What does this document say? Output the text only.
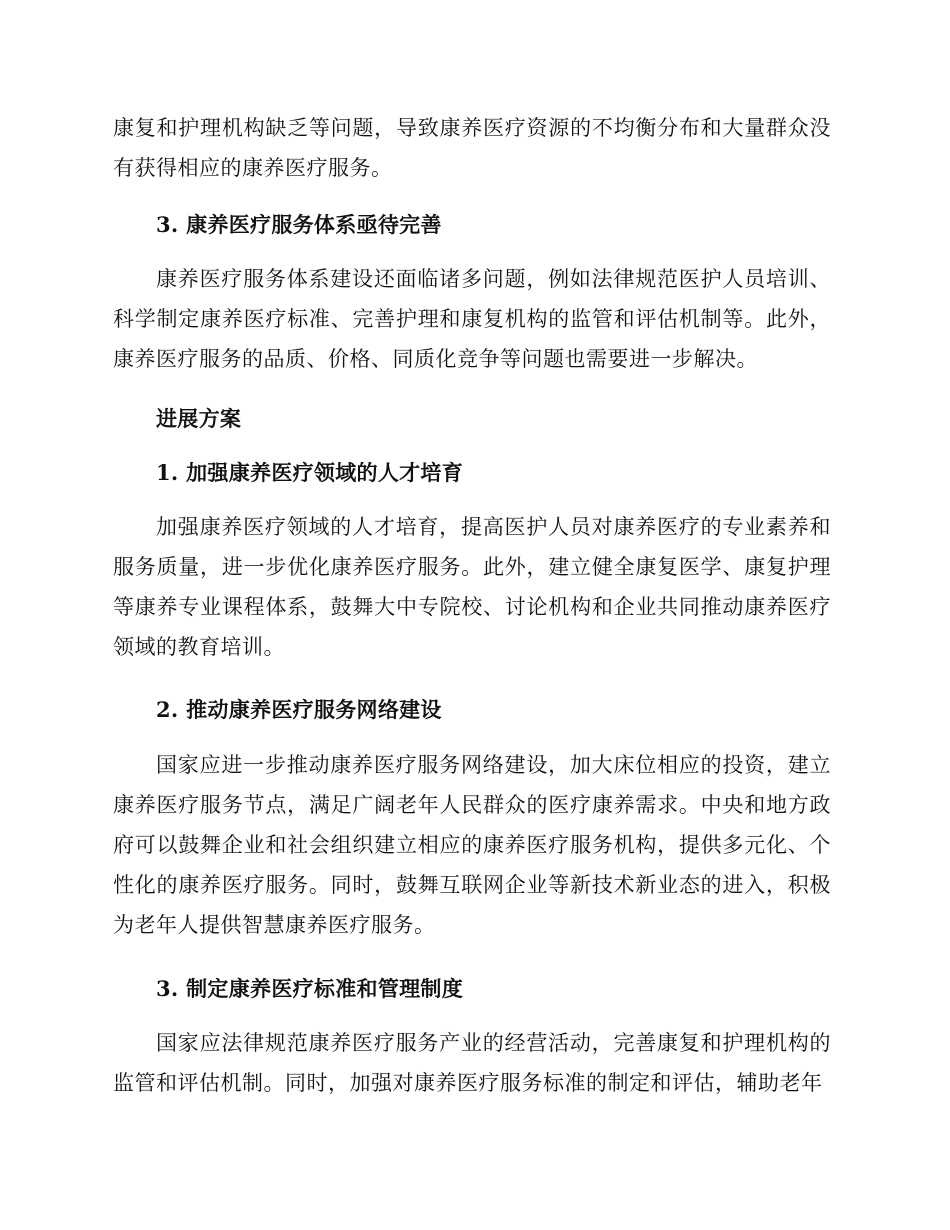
康复和护理机构缺乏等问题，导致康养医疗资源的不均衡分布和大量群众没有获得相应的康养医疗服务。

3. 康养医疗服务体系亟待完善

康养医疗服务体系建设还面临诸多问题，例如法律规范医护人员培训、科学制定康养医疗标准、完善护理和康复机构的监管和评估机制等。此外，康养医疗服务的品质、价格、同质化竞争等问题也需要进一步解决。

进展方案
1. 加强康养医疗领域的人才培育

加强康养医疗领域的人才培育，提高医护人员对康养医疗的专业素养和服务质量，进一步优化康养医疗服务。此外，建立健全康复医学、康复护理等康养专业课程体系，鼓舞大中专院校、讨论机构和企业共同推动康养医疗领域的教育培训。

2. 推动康养医疗服务网络建设

国家应进一步推动康养医疗服务网络建设，加大床位相应的投资，建立康养医疗服务节点，满足广阔老年人民群众的医疗康养需求。中央和地方政府可以鼓舞企业和社会组织建立相应的康养医疗服务机构，提供多元化、个性化的康养医疗服务。同时，鼓舞互联网企业等新技术新业态的进入，积极为老年人提供智慧康养医疗服务。

3. 制定康养医疗标准和管理制度

国家应法律规范康养医疗服务产业的经营活动，完善康复和护理机构的监管和评估机制。同时，加强对康养医疗服务标准的制定和评估，辅助老年
